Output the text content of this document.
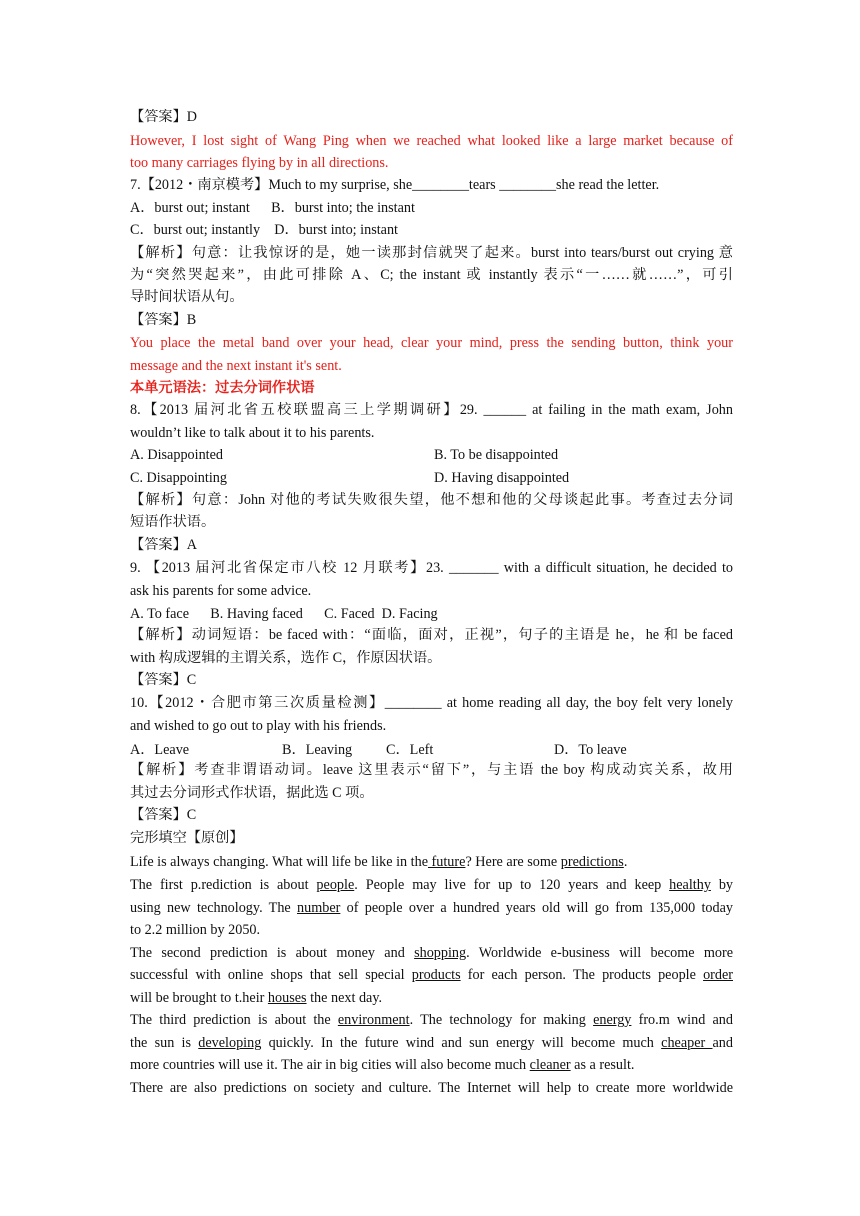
【答案】D
However, I lost sight of Wang Ping when we reached what looked like a large market because of
too many carriages flying by in all directions.
7.【2012・南京模考】Much to my surprise, she________tears ________she read the letter.
A．burst out; instant      B．burst into; the instant
C．burst out; instantly    D．burst into; instant
【解析】句意：让我惊讶的是，她一读那封信就哭了起来。burst into tears/burst out crying 意
为“突然哭起来”，由此可排除 A、C; the instant 或 instantly 表示“一……就……”，可引
导时间状语从句。
【答案】B
You place the metal band over your head, clear your mind, press the sending button, think your
message and the next instant it's sent.
本单元语法：过去分词作状语
8.【2013 届河北省五校联盟高三上学期调研】29. ______ at failing in the math exam, John
wouldn’t like to talk about it to his parents.
A. Disappointed	B. To be disappointed
C. Disappointing	D. Having disappointed
【解析】句意：John 对他的考试失败很失望，他不想和他的父母谈起此事。考查过去分词
短语作状语。
【答案】A
9. 【2013 届河北省保定市八校 12 月联考】23. _______ with a difficult situation, he decided to
ask his parents for some advice.
A. To face      B. Having faced      C. Faced  D. Facing
【解析】动词短语：be faced with：“面临，面对，正视”，句子的主语是 he，he 和 be faced
with 构成逻辑的主谓关系，选作 C，作原因状语。
【答案】C
10.【2012・合肥市第三次质量检测】________ at home reading all day, the boy felt very lonely
and wished to go out to play with his friends.
A．Leave	B．Leaving C．Left	D．To leave
【解析】考查非谓语动词。leave 这里表示“留下”，与主语 the boy 构成动宾关系，故用
其过去分词形式作状语，据此选 C 项。
【答案】C
完形填空【原创】
Life is always changing. What will life be like in the future? Here are some predictions.
The first p.rediction is about people. People may live for up to 120 years and keep healthy by
using new technology. The number of people over a hundred years old will go from 135,000 today
to 2.2 million by 2050.
The second prediction is about money and shopping. Worldwide e-business will become more
successful with online shops that sell special products for each person. The products people order
will be brought to t.heir houses the next day.
The third prediction is about the environment. The technology for making energy fro.m wind and
the sun is developing quickly. In the future wind and sun energy will become much cheaper and
more countries will use it. The air in big cities will also become much cleaner as a result.
There are also predictions on society and culture. The Internet will help to create more worldwide
